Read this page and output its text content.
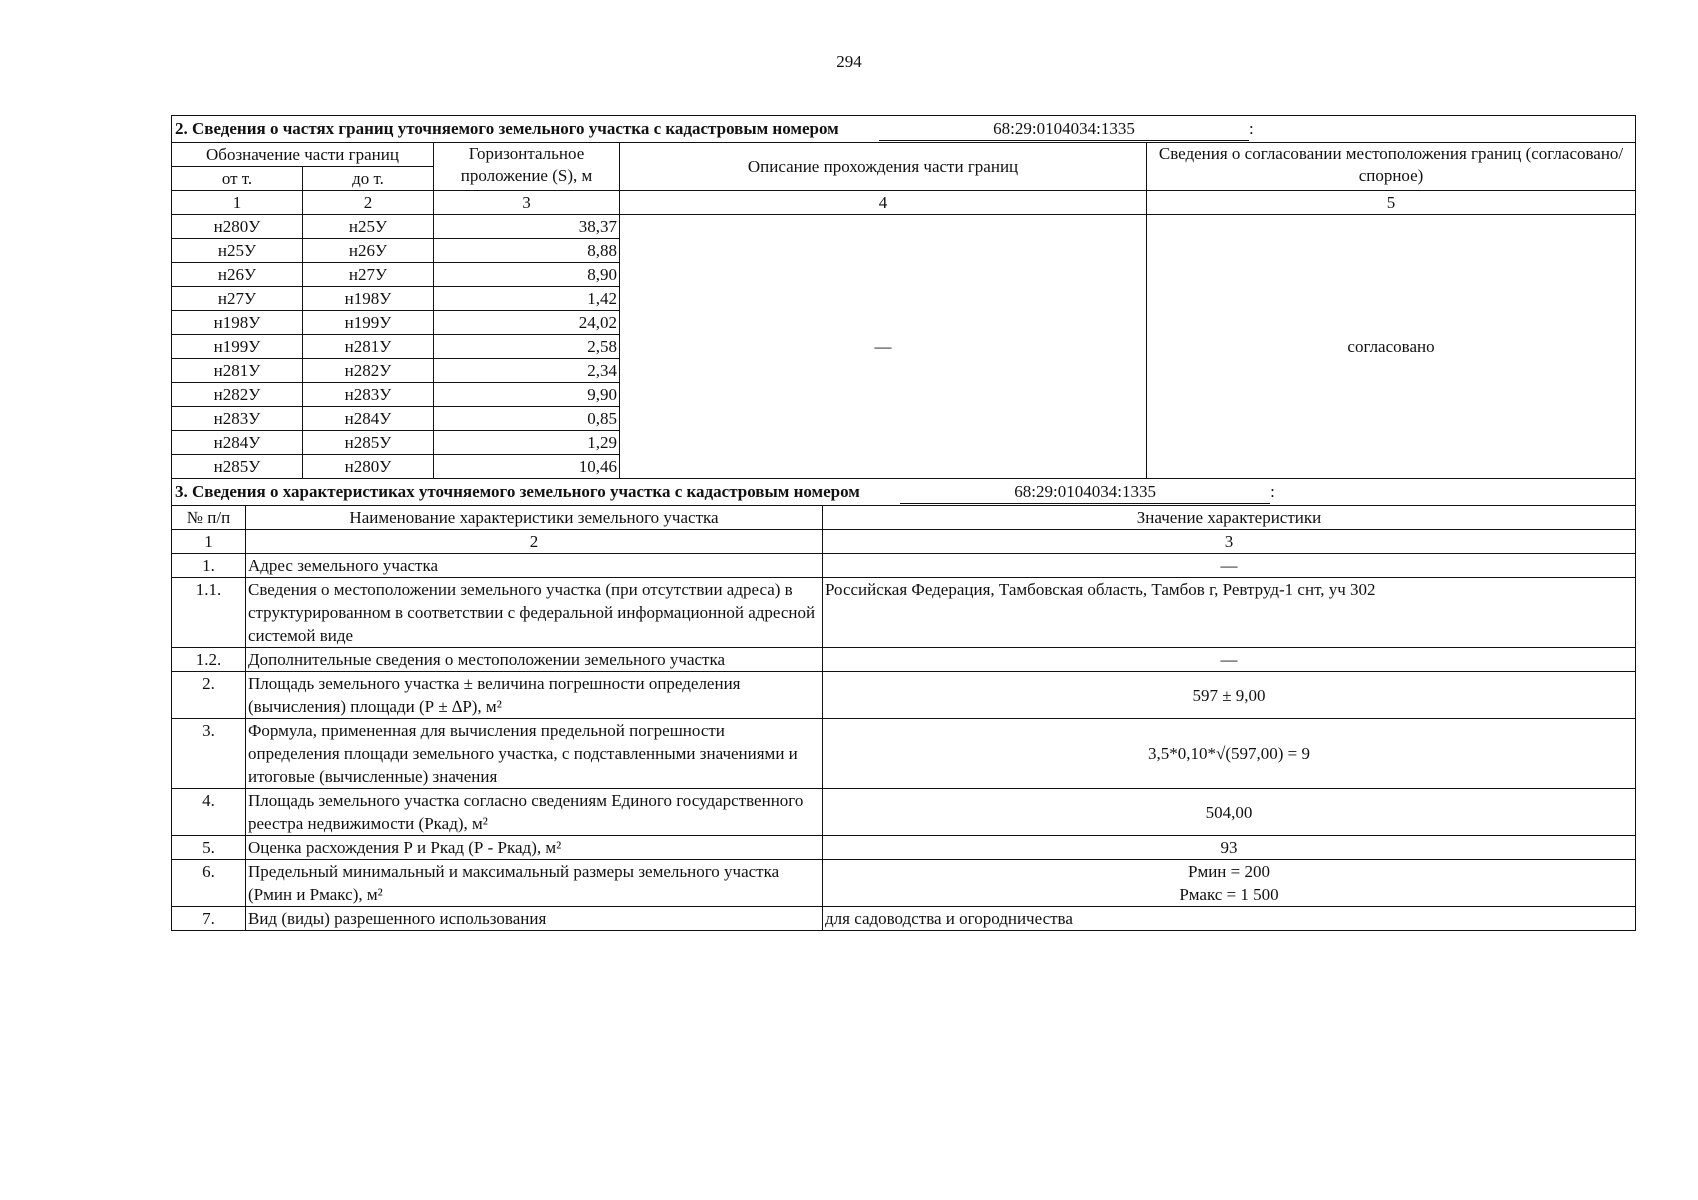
294
2. Сведения о частях границ уточняемого земельного участка с кадастровым номером 68:29:0104034:1335 :				
Обозначение части границ		Горизонтальное проложение (S), м	Описание прохождения части границ	Сведения о согласовании местоположения границ (согласовано/спорное)
от т.	до т.			
1	2	3	4	5
н280У	н25У	38,37	—	согласовано
н25У	н26У	8,88		
н26У	н27У	8,90		
н27У	н198У	1,42		
н198У	н199У	24,02		
н199У	н281У	2,58		
н281У	н282У	2,34		
н282У	н283У	9,90		
н283У	н284У	0,85		
н284У	н285У	1,29		
н285У	н280У	10,46		
3. Сведения о характеристиках уточняемого земельного участка с кадастровым номером 68:29:0104034:1335 :		
№ п/п	Наименование характеристики земельного участка	Значение характеристики
1	2	3
1.	Адрес земельного участка	—
1.1.	Сведения о местоположении земельного участка (при отсутствии адреса) в структурированном в соответствии с федеральной информационной адресной системой виде	Российская Федерация, Тамбовская область, Тамбов г, Ревтруд-1 снт, уч 302
1.2.	Дополнительные сведения о местоположении земельного участка	—
2.	Площадь земельного участка ± величина погрешности определения (вычисления) площади (Р ± ∆Р), м²	597 ± 9,00
3.	Формула, примененная для вычисления предельной погрешности определения площади земельного участка, с подставленными значениями и итоговые (вычисленные) значения	3,5*0,10*√(597,00) = 9
4.	Площадь земельного участка согласно сведениям Единого государственного реестра недвижимости (Ркад), м²	504,00
5.	Оценка расхождения Р и Ркад (Р - Ркад), м²	93
6.	Предельный минимальный и максимальный размеры земельного участка (Рмин и Рмакс), м²	Рмин = 200
Рмакс = 1 500

7.	Вид (виды) разрешенного использования	для садоводства и огородничества
